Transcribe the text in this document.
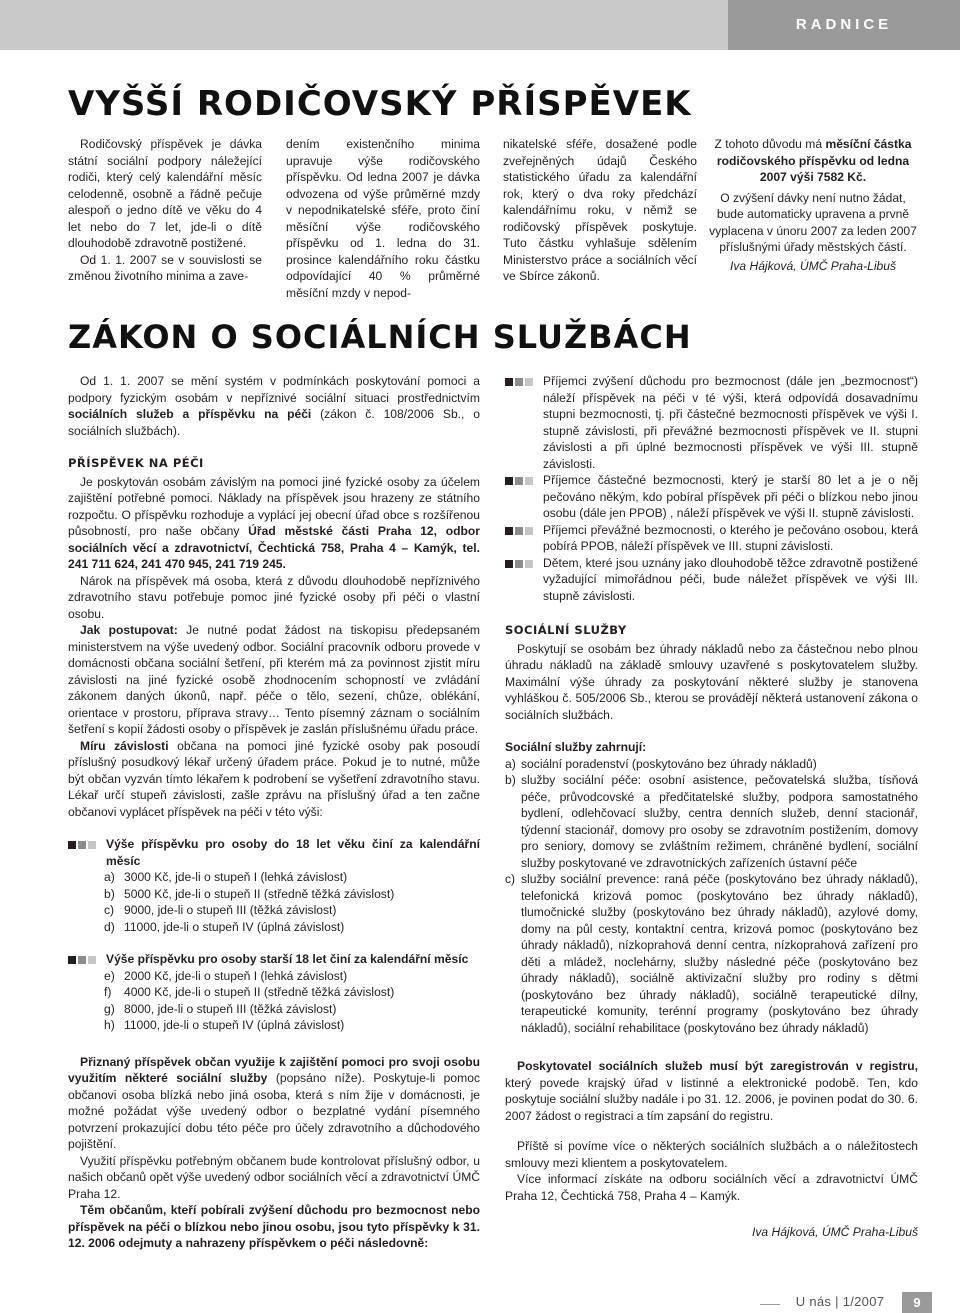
RADNICE
VYŠŠÍ RODIČOVSKÝ PŘÍSPĚVEK

Rodičovský příspěvek je dávka státní sociální podpory náležející rodiči, který celý kalendářní měsíc celodenně, osobně a řádně pečuje alespoň o jedno dítě ve věku do 4 let nebo do 7 let, jde-li o dítě dlouhodobě zdravotně postižené.

Od 1. 1. 2007 se v souvislosti se změnou životního minima a zave-

dením existenčního minima upravuje výše rodičovského příspěvku. Od ledna 2007 je dávka odvozena od výše průměrné mzdy v nepodnikatelské sféře, proto činí měsíční výše rodičovského příspěvku od 1. ledna do 31. prosince kalendářního roku částku odpovídající 40 % průměrné měsíční mzdy v nepod-

nikatelské sféře, dosažené podle zveřejněných údajů Českého statistického úřadu za kalendářní rok, který o dva roky předchází kalendářnímu roku, v němž se rodičovský příspěvek poskytuje. Tuto částku vyhlašuje sdělením Ministerstvo práce a sociálních věcí ve Sbírce zákonů.

Z tohoto důvodu má měsíční částka rodičovského příspěvku od ledna 2007 výši 7582 Kč.

O zvýšení dávky není nutno žádat, bude automaticky upravena a prvně vyplacena v únoru 2007 za leden 2007 příslušnými úřady městských částí.

Iva Hájková, ÚMČ Praha-Libuš

ZÁKON O SOCIÁLNÍCH SLUŽBÁCH

Od 1. 1. 2007 se mění systém v podmínkách poskytování pomoci a podpory fyzickým osobám v nepříznivé sociální situaci prostřednictvím sociálních služeb a příspěvku na péči (zákon č. 108/2006 Sb., o sociálních službách).

PŘÍSPĚVEK NA PÉČI

Je poskytován osobám závislým na pomoci jiné fyzické osoby za účelem zajištění potřebné pomoci. Náklady na příspěvek jsou hrazeny ze státního rozpočtu. O příspěvku rozhoduje a vyplácí jej obecní úřad obce s rozšířenou působností, pro naše občany Úřad městské části Praha 12, odbor sociálních věcí a zdravotnictví, Čechtická 758, Praha 4 – Kamýk, tel. 241 711 624, 241 470 945, 241 719 245.

Nárok na příspěvek má osoba, která z důvodu dlouhodobě nepříznivého zdravotního stavu potřebuje pomoc jiné fyzické osoby při péči o vlastní osobu.

Jak postupovat: Je nutné podat žádost na tiskopisu předepsaném ministerstvem na výše uvedený odbor. Sociální pracovník odboru provede v domácnosti občana sociální šetření, při kterém má za povinnost zjistit míru závislosti na jiné fyzické osobě zhodnocením schopností ve zvládání zákonem daných úkonů, např. péče o tělo, sezení, chůze, oblékání, orientace v prostoru, příprava stravy… Tento písemný záznam o sociálním šetření s kopií žádosti osoby o příspěvek je zaslán příslušnému úřadu práce.

Míru závislosti občana na pomoci jiné fyzické osoby pak posoudí příslušný posudkový lékař určený úřadem práce. Pokud je to nutné, může být občan vyzván tímto lékařem k podrobení se vyšetření zdravotního stavu. Lékař určí stupeň závislosti, zašle zprávu na příslušný úřad a ten začne občanovi vyplácet příspěvek na péči v této výši:

Výše příspěvku pro osoby do 18 let věku činí za kalendářní měsíc
a) 3000 Kč, jde-li o stupeň I (lehká závislost)
b) 5000 Kč, jde-li o stupeň II (středně těžká závislost)
c) 9000, jde-li o stupeň III (těžká závislost)
d) 11000, jde-li o stupeň IV (úplná závislost)
Výše příspěvku pro osoby starší 18 let činí za kalendářní měsíc
e) 2000 Kč, jde-li o stupeň I (lehká závislost)
f) 4000 Kč, jde-li o stupeň II (středně těžká závislost)
g) 8000, jde-li o stupeň III (těžká závislost)
h) 11000, jde-li o stupeň IV (úplná závislost)

Přiznaný příspěvek občan využije k zajištění pomoci pro svoji osobu využitím některé sociální služby (popsáno níže). Poskytuje-li pomoc občanovi osoba blízká nebo jiná osoba, která s ním žije v domácnosti, je možné požádat výše uvedený odbor o bezplatné vydání písemného potvrzení prokazující dobu této péče pro účely zdravotního a důchodového pojištění.

Využití příspěvku potřebným občanem bude kontrolovat příslušný odbor, u našich občanů opět výše uvedený odbor sociálních věcí a zdravotnictví ÚMČ Praha 12.

Těm občanům, kteří pobírali zvýšení důchodu pro bezmocnost nebo příspěvek na péči o blízkou nebo jinou osobu, jsou tyto příspěvky k 31. 12. 2006 odejmuty a nahrazeny příspěvkem o péči následovně:

Příjemci zvýšení důchodu pro bezmocnost (dále jen „bezmocnost“) náleží příspěvek na péči v té výši, která odpovídá dosavadnímu stupni bezmocnosti, tj. při částečné bezmocnosti příspěvek ve výši I. stupně závislosti, při převážné bezmocnosti příspěvek ve II. stupni závislosti a při úplné bezmocnosti příspěvek ve výši III. stupně závislosti.
Příjemce částečné bezmocnosti, který je starší 80 let a je o něj pečováno někým, kdo pobíral příspěvek při péči o blízkou nebo jinou osobu (dále jen PPOB) , náleží příspěvek ve výši II. stupně závislosti.
Příjemci převážné bezmocnosti, o kterého je pečováno osobou, která pobírá PPOB, náleží příspěvek ve III. stupni závislosti.
Dětem, které jsou uznány jako dlouhodobě těžce zdravotně postižené vyžadující mimořádnou péči, bude náležet příspěvek ve výši III. stupně závislosti.

SOCIÁLNÍ SLUŽBY

Poskytují se osobám bez úhrady nákladů nebo za částečnou nebo plnou úhradu nákladů na základě smlouvy uzavřené s poskytovatelem služby. Maximální výše úhrady za poskytování některé služby je stanovena vyhláškou č. 505/2006 Sb., kterou se provádějí některá ustanovení zákona o sociálních službách.

Sociální služby zahrnují:

a) sociální poradenství (poskytováno bez úhrady nákladů)
b) služby sociální péče: osobní asistence, pečovatelská služba, tísňová péče, průvodcovské a předčitatelské služby, podpora samostatného bydlení, odlehčovací služby, centra denních služeb, denní stacionář, týdenní stacionář, domovy pro osoby se zdravotním postižením, domovy pro seniory, domovy se zvláštním režimem, chráněné bydlení, sociální služby poskytované ve zdravotnických zařízeních ústavní péče
c) služby sociální prevence: raná péče (poskytováno bez úhrady nákladů), telefonická krizová pomoc (poskytováno bez úhrady nákladů), tlumočnické služby (poskytováno bez úhrady nákladů), azylové domy, domy na půl cesty, kontaktní centra, krizová pomoc (poskytováno bez úhrady nákladů), nízkoprahová denní centra, nízkoprahová zařízení pro děti a mládež, noclehárny, služby následné péče (poskytováno bez úhrady nákladů), sociálně aktivizační služby pro rodiny s dětmi (poskytováno bez úhrady nákladů), sociálně terapeutické dílny, terapeutické komunity, terénní programy (poskytováno bez úhrady nákladů), sociální rehabilitace (poskytováno bez úhrady nákladů)

Poskytovatel sociálních služeb musí být zaregistrován v registru, který povede krajský úřad v listinné a elektronické podobě. Ten, kdo poskytuje sociální služby nadále i po 31. 12. 2006, je povinen podat do 30. 6. 2007 žádost o registraci a tím zapsání do registru.

Příště si povíme více o některých sociálních službách a o náležitostech smlouvy mezi klientem a poskytovatelem.

Více informací získáte na odboru sociálních věcí a zdravotnictví ÚMČ Praha 12, Čechtická 758, Praha 4 – Kamýk.

Iva Hájková, ÚMČ Praha-Libuš

U nás | 1/2007	9
